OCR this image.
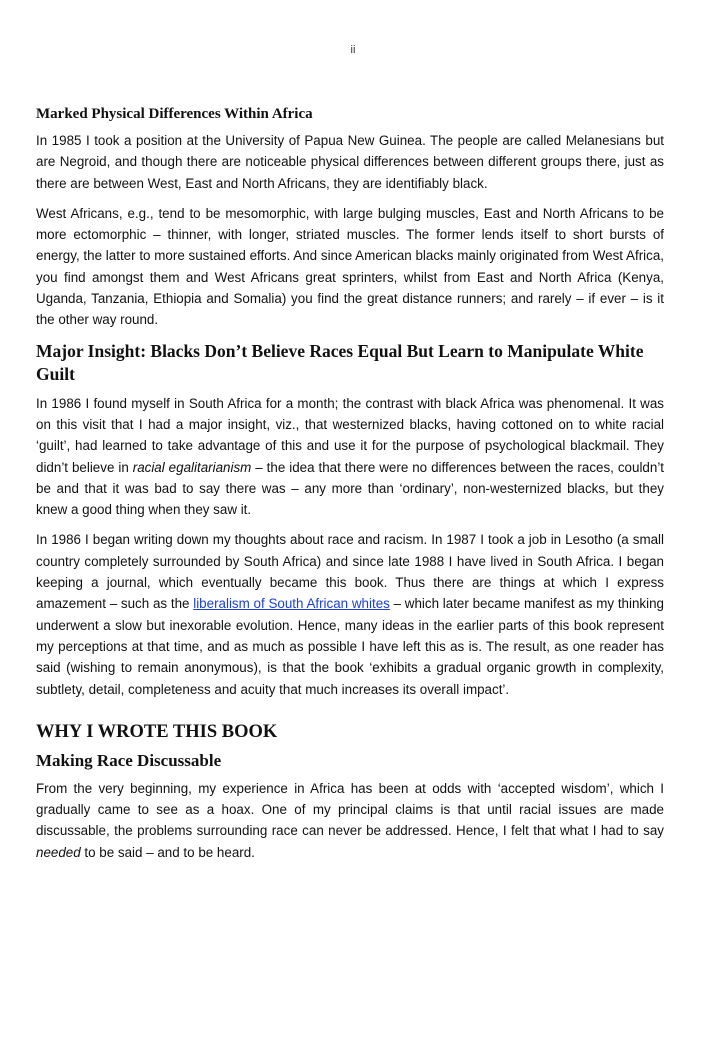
ii
Marked Physical Differences Within Africa

In 1985 I took a position at the University of Papua New Guinea. The people are called Melanesians but are Negroid, and though there are noticeable physical differences between different groups there, just as there are between West, East and North Africans, they are identifiably black.

West Africans, e.g., tend to be mesomorphic, with large bulging muscles, East and North Africans to be more ectomorphic – thinner, with longer, striated muscles. The former lends itself to short bursts of energy, the latter to more sustained efforts. And since American blacks mainly originated from West Africa, you find amongst them and West Africans great sprinters, whilst from East and North Africa (Kenya, Uganda, Tanzania, Ethiopia and Somalia) you find the great distance runners; and rarely – if ever – is it the other way round.

Major Insight: Blacks Don’t Believe Races Equal But Learn to Manipulate White Guilt

In 1986 I found myself in South Africa for a month; the contrast with black Africa was phenomenal. It was on this visit that I had a major insight, viz., that westernized blacks, having cottoned on to white racial ‘guilt’, had learned to take advantage of this and use it for the purpose of psychological blackmail. They didn’t believe in racial egalitarianism – the idea that there were no differences between the races, couldn’t be and that it was bad to say there was – any more than ‘ordinary’, non-westernized blacks, but they knew a good thing when they saw it.

In 1986 I began writing down my thoughts about race and racism. In 1987 I took a job in Lesotho (a small country completely surrounded by South Africa) and since late 1988 I have lived in South Africa. I began keeping a journal, which eventually became this book. Thus there are things at which I express amazement – such as the liberalism of South African whites – which later became manifest as my thinking underwent a slow but inexorable evolution. Hence, many ideas in the earlier parts of this book represent my perceptions at that time, and as much as possible I have left this as is. The result, as one reader has said (wishing to remain anonymous), is that the book ‘exhibits a gradual organic growth in complexity, subtlety, detail, completeness and acuity that much increases its overall impact’.

WHY I WROTE THIS BOOK
Making Race Discussable

From the very beginning, my experience in Africa has been at odds with ‘accepted wisdom’, which I gradually came to see as a hoax. One of my principal claims is that until racial issues are made discussable, the problems surrounding race can never be addressed. Hence, I felt that what I had to say needed to be said – and to be heard.
